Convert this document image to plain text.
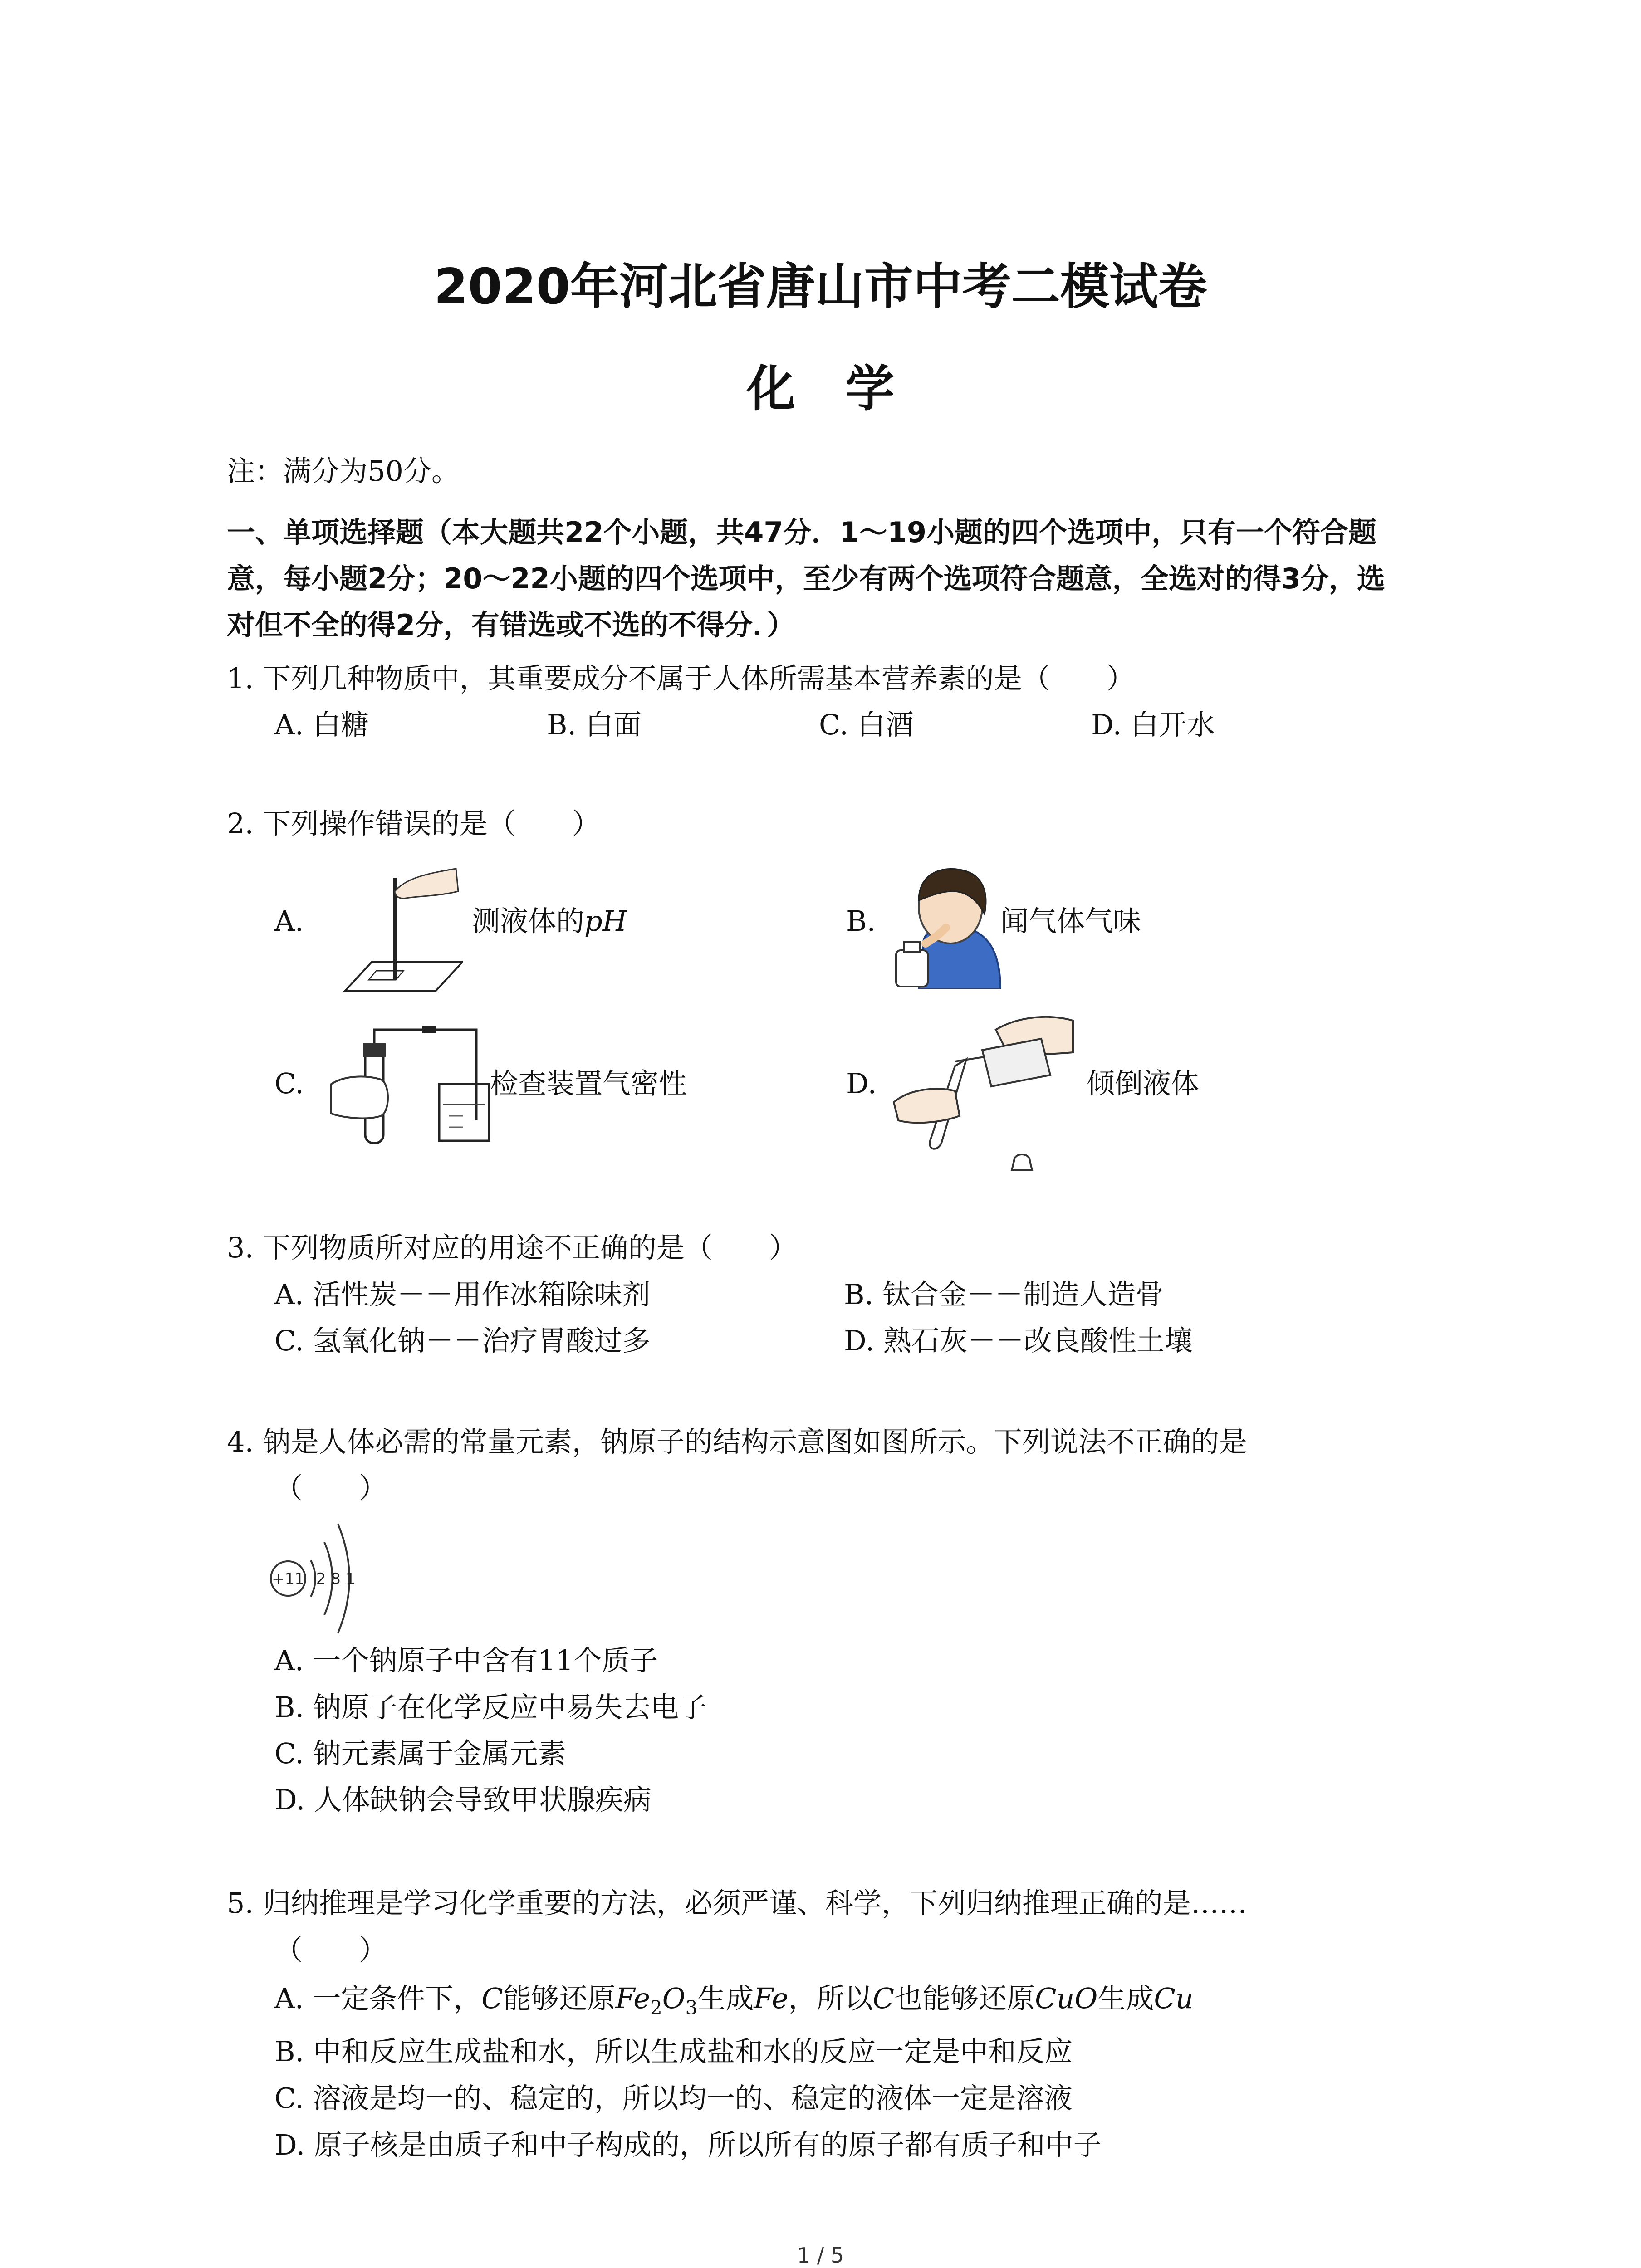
2020年河北省唐山市中考二模试卷
化学
注：满分为50分。
一、单项选择题（本大题共22个小题，共47分．1～19小题的四个选项中，只有一个符合题
意，每小题2分；20～22小题的四个选项中，至少有两个选项符合题意，全选对的得3分，选
对但不全的得2分，有错选或不选的不得分．）
1. 下列几种物质中，其重要成分不属于人体所需基本营养素的是（　　）
A. 白糖	B. 白面	C. 白酒	D. 白开水
2. 下列操作错误的是（　　）
A.	测液体的pH	B.	闻气体气味
C.	检查装置气密性	D.	倾倒液体
3. 下列物质所对应的用途不正确的是（　　）
A. 活性炭－－用作冰箱除味剂	B. 钛合金－－制造人造骨
C. 氢氧化钠－－治疗胃酸过多	D. 熟石灰－－改良酸性土壤
4. 钠是人体必需的常量元素，钠原子的结构示意图如图所示。下列说法不正确的是
（　　）
+11 2 8 1
A. 一个钠原子中含有11个质子
B. 钠原子在化学反应中易失去电子
C. 钠元素属于金属元素
D. 人体缺钠会导致甲状腺疾病
5. 归纳推理是学习化学重要的方法，必须严谨、科学，下列归纳推理正确的是……
（　　）
A. 一定条件下，C能够还原$Fe_2O_3$生成Fe，所以C也能够还原CuO生成Cu
B. 中和反应生成盐和水，所以生成盐和水的反应一定是中和反应
C. 溶液是均一的、稳定的，所以均一的、稳定的液体一定是溶液
D. 原子核是由质子和中子构成的，所以所有的原子都有质子和中子
1 / 5
